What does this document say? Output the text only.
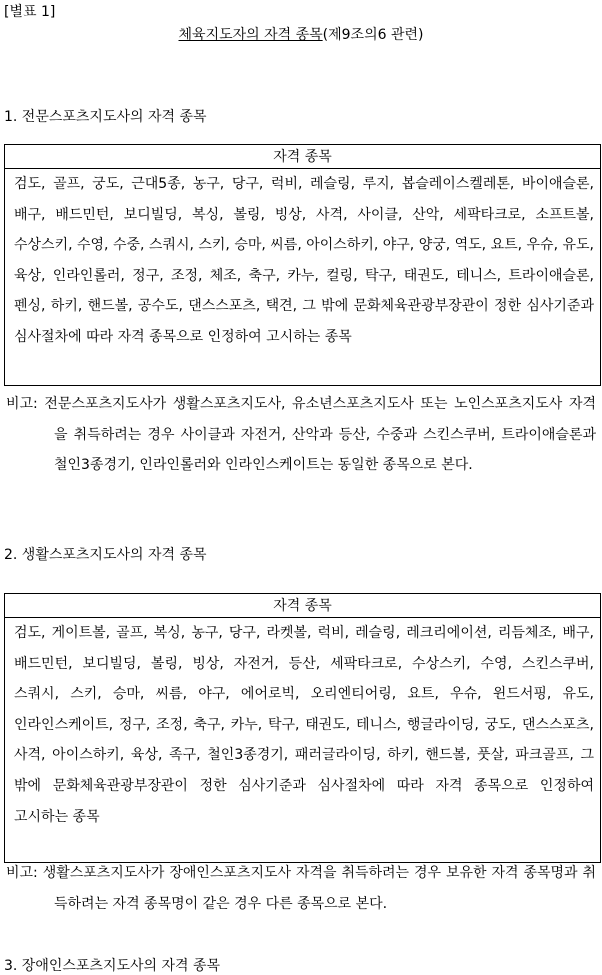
[별표 1]
체육지도자의 자격 종목(제9조의6 관련)
1. 전문스포츠지도사의 자격 종목
자격 종목
검도, 골프, 궁도, 근대5종, 농구, 당구, 럭비, 레슬링, 루지, 봅슬레이스켈레톤, 바이애슬론, 배구, 배드민턴, 보디빌딩, 복싱, 볼링, 빙상, 사격, 사이클, 산악, 세팍타크로, 소프트볼, 수상스키, 수영, 수중, 스쿼시, 스키, 승마, 씨름, 아이스하키, 야구, 양궁, 역도, 요트, 우슈, 유도, 육상, 인라인롤러, 정구, 조정, 체조, 축구, 카누, 컬링, 탁구, 태권도, 테니스, 트라이애슬론, 펜싱, 하키, 핸드볼, 공수도, 댄스스포츠, 택견, 그 밖에 문화체육관광부장관이 정한 심사기준과 심사절차에 따라 자격 종목으로 인정하여 고시하는 종목
비고: 전문스포츠지도사가 생활스포츠지도사, 유소년스포츠지도사 또는 노인스포츠지도사 자격을 취득하려는 경우 사이클과 자전거, 산악과 등산, 수중과 스킨스쿠버, 트라이애슬론과 철인3종경기, 인라인롤러와 인라인스케이트는 동일한 종목으로 본다.
2. 생활스포츠지도사의 자격 종목
자격 종목
검도, 게이트볼, 골프, 복싱, 농구, 당구, 라켓볼, 럭비, 레슬링, 레크리에이션, 리듬체조, 배구, 배드민턴, 보디빌딩, 볼링, 빙상, 자전거, 등산, 세팍타크로, 수상스키, 수영, 스킨스쿠버, 스쿼시, 스키, 승마, 씨름, 야구, 에어로빅, 오리엔티어링, 요트, 우슈, 윈드서핑, 유도, 인라인스케이트, 정구, 조정, 축구, 카누, 탁구, 태권도, 테니스, 행글라이딩, 궁도, 댄스스포츠, 사격, 아이스하키, 육상, 족구, 철인3종경기, 패러글라이딩, 하키, 핸드볼, 풋살, 파크골프, 그 밖에 문화체육관광부장관이 정한 심사기준과 심사절차에 따라 자격 종목으로 인정하여 고시하는 종목
비고: 생활스포츠지도사가 장애인스포츠지도사 자격을 취득하려는 경우 보유한 자격 종목명과 취득하려는 자격 종목명이 같은 경우 다른 종목으로 본다.
3. 장애인스포츠지도사의 자격 종목
